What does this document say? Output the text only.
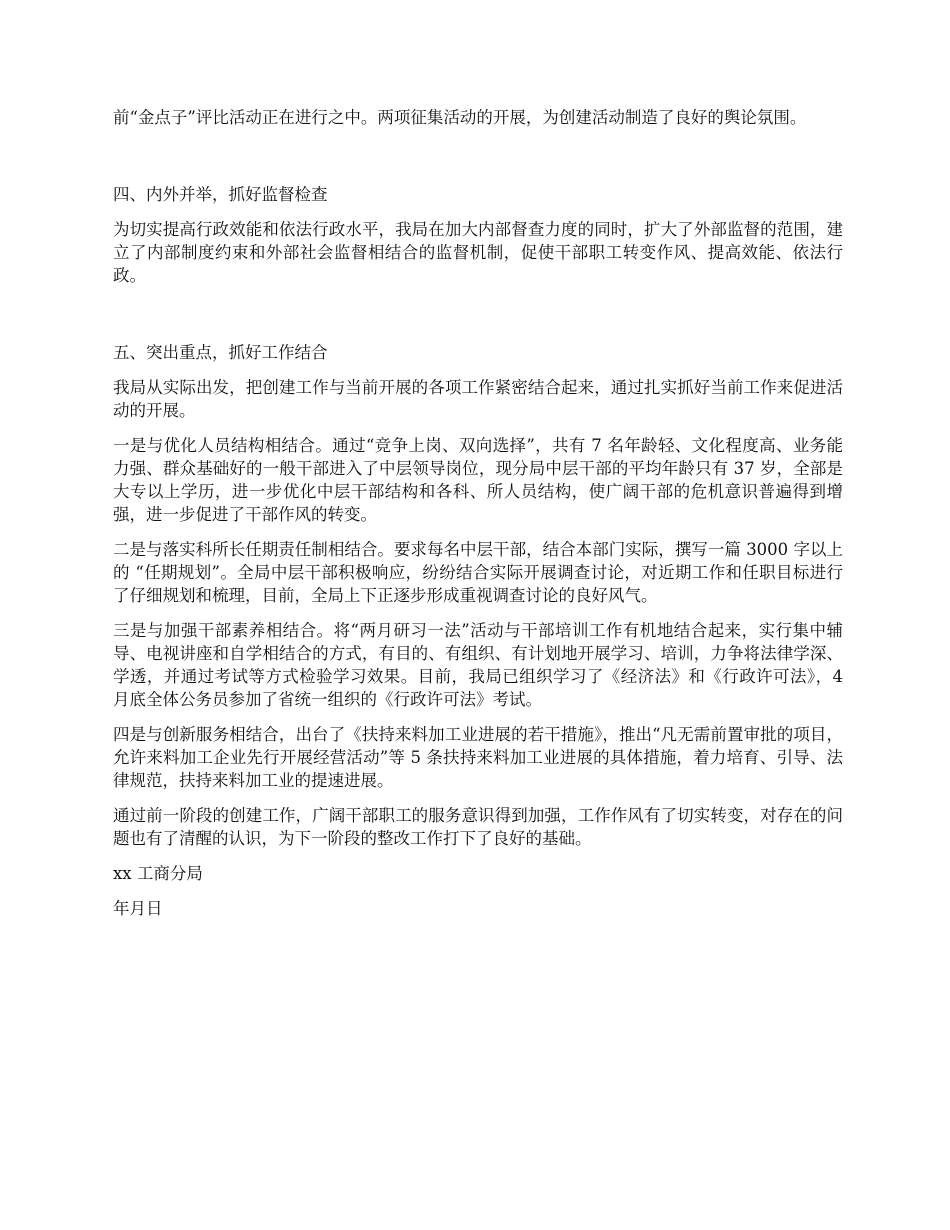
前“金点子”评比活动正在进行之中。两项征集活动的开展，为创建活动制造了良好的舆论氛围。

四、内外并举，抓好监督检查

为切实提高行政效能和依法行政水平，我局在加大内部督查力度的同时，扩大了外部监督的范围，建立了内部制度约束和外部社会监督相结合的监督机制，促使干部职工转变作风、提高效能、依法行政。

五、突出重点，抓好工作结合

我局从实际出发，把创建工作与当前开展的各项工作紧密结合起来，通过扎实抓好当前工作来促进活动的开展。

一是与优化人员结构相结合。通过“竞争上岗、双向选择”，共有 7 名年龄轻、文化程度高、业务能力强、群众基础好的一般干部进入了中层领导岗位，现分局中层干部的平均年龄只有 37 岁，全部是大专以上学历，进一步优化中层干部结构和各科、所人员结构，使广阔干部的危机意识普遍得到增强，进一步促进了干部作风的转变。

二是与落实科所长任期责任制相结合。要求每名中层干部，结合本部门实际，撰写一篇 3000 字以上的 “任期规划”。全局中层干部积极响应，纷纷结合实际开展调查讨论，对近期工作和任职目标进行了仔细规划和梳理，目前，全局上下正逐步形成重视调查讨论的良好风气。

三是与加强干部素养相结合。将“两月研习一法”活动与干部培训工作有机地结合起来，实行集中辅导、电视讲座和自学相结合的方式，有目的、有组织、有计划地开展学习、培训，力争将法律学深、学透，并通过考试等方式检验学习效果。目前，我局已组织学习了《经济法》和《行政许可法》，4 月底全体公务员参加了省统一组织的《行政许可法》考试。

四是与创新服务相结合，出台了《扶持来料加工业进展的若干措施》，推出“凡无需前置审批的项目，允许来料加工企业先行开展经营活动”等 5 条扶持来料加工业进展的具体措施，着力培育、引导、法律规范，扶持来料加工业的提速进展。

通过前一阶段的创建工作，广阔干部职工的服务意识得到加强，工作作风有了切实转变，对存在的问题也有了清醒的认识，为下一阶段的整改工作打下了良好的基础。

xx 工商分局

年月日
